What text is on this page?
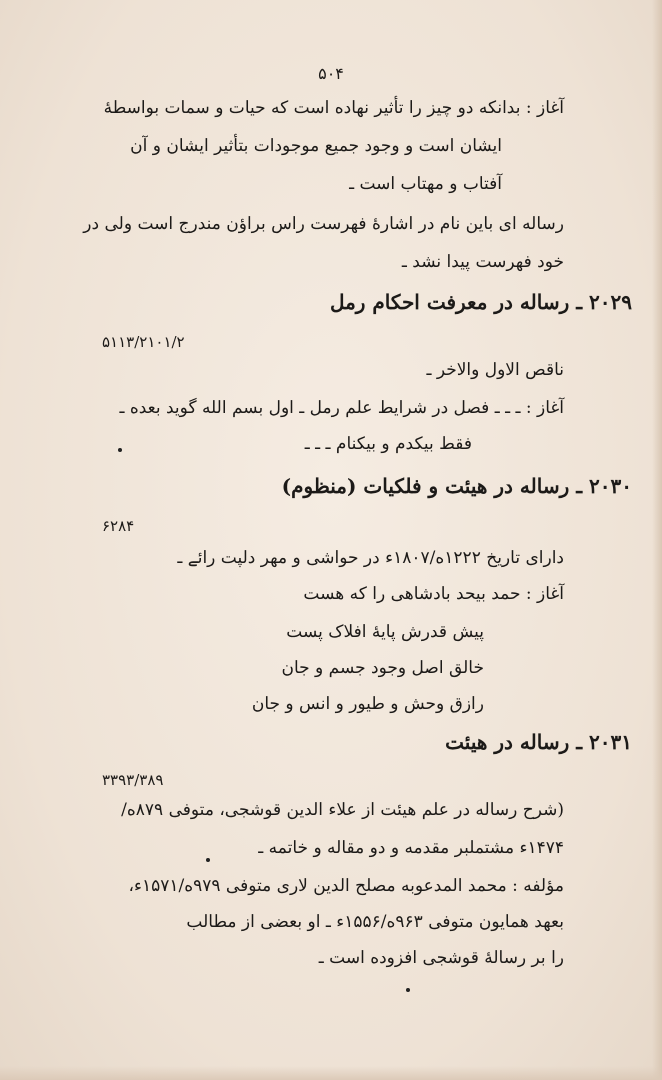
۵۰۴
آغاز : بدانکه دو چیز را تأثیر نهاده است که حیات و سمات بواسطهٔ
ایشان است و وجود جمیع موجودات بتأثیر ایشان و آن
آفتاب و مهتاب است ـ
رساله ای باین نام در اشارهٔ فهرست راس براؤن مندرج است ولی در
خود فهرست پیدا نشد ـ
۲۰۲۹ ـ رساله در معرفت احکام رمل
۵۱۱۳/۲۱۰۱/۲
ناقص الاول والاخر ـ
آغاز : ـ ـ ـ فصل در شرایط علم رمل ـ اول بسم الله گوید بعده ـ
فقط بیکدم و بیکنام ـ ـ ـ
۲۰۳۰ ـ رساله در هیئت و فلکیات (منظوم)
۶۲۸۴
دارای تاریخ ۱۲۲۲ه/۱۸۰۷ء در حواشی و مهر دلپت رائے ـ
آغاز : حمد بیحد بادشاهی را که هست
پیش قدرش پایهٔ افلاک پست
خالق اصل وجود جسم و جان
رازق وحش و طیور و انس و جان
۲۰۳۱ ـ رساله در هیئت
۳۳۹۳/۳۸۹
(شرح رساله در علم هیئت از علاء الدین قوشجی، متوفی ۸۷۹ه/
۱۴۷۴ء مشتملبر مقدمه و دو مقاله و خاتمه ـ
مؤلفه : محمد المدعوبه مصلح الدین لاری متوفی ۹۷۹ه/۱۵۷۱ء،
بعهد همایون متوفی ۹۶۳ه/۱۵۵۶ء ـ او بعضی از مطالب
را بر رسالهٔ قوشجی افزوده است ـ
